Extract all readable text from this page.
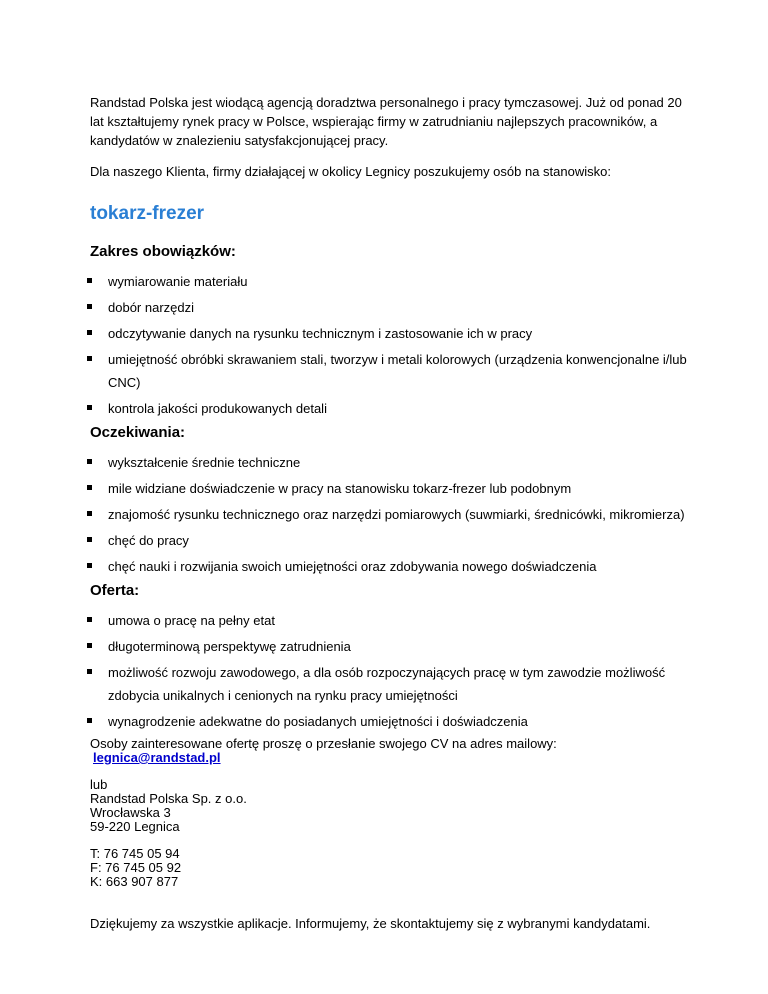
Randstad Polska jest wiodącą agencją doradztwa personalnego i pracy tymczasowej. Już od ponad 20 lat kształtujemy rynek pracy w Polsce, wspierając firmy w zatrudnianiu najlepszych pracowników, a kandydatów w znalezieniu satysfakcjonującej pracy.

Dla naszego Klienta, firmy działającej w okolicy Legnicy poszukujemy osób na stanowisko:

tokarz-frezer
Zakres obowiązków:
wymiarowanie materiału
dobór narzędzi
odczytywanie danych na rysunku technicznym i zastosowanie ich w pracy
umiejętność obróbki skrawaniem stali, tworzyw i metali kolorowych (urządzenia konwencjonalne i/lub CNC)
kontrola jakości produkowanych detali
Oczekiwania:
wykształcenie średnie techniczne
mile widziane doświadczenie w pracy na stanowisku tokarz-frezer lub podobnym
znajomość rysunku technicznego oraz narzędzi pomiarowych (suwmiarki, średnicówki, mikromierza)
chęć do pracy
chęć nauki i rozwijania swoich umiejętności oraz zdobywania nowego doświadczenia
Oferta:
umowa o pracę na pełny etat
długoterminową perspektywę zatrudnienia
możliwość rozwoju zawodowego, a dla osób rozpoczynających pracę w tym zawodzie możliwość zdobycia unikalnych i cenionych na rynku pracy umiejętności
wynagrodzenie adekwatne do posiadanych umiejętności i doświadczenia
Osoby zainteresowane ofertę proszę o przesłanie swojego CV na adres mailowy:
legnica@randstad.pl
lub
Randstad Polska Sp. z o.o.
Wrocławska 3
59-220 Legnica
T: 76 745 05 94
F: 76 745 05 92
K: 663 907 877
Dziękujemy za wszystkie aplikacje. Informujemy, że skontaktujemy się z wybranymi kandydatami.
